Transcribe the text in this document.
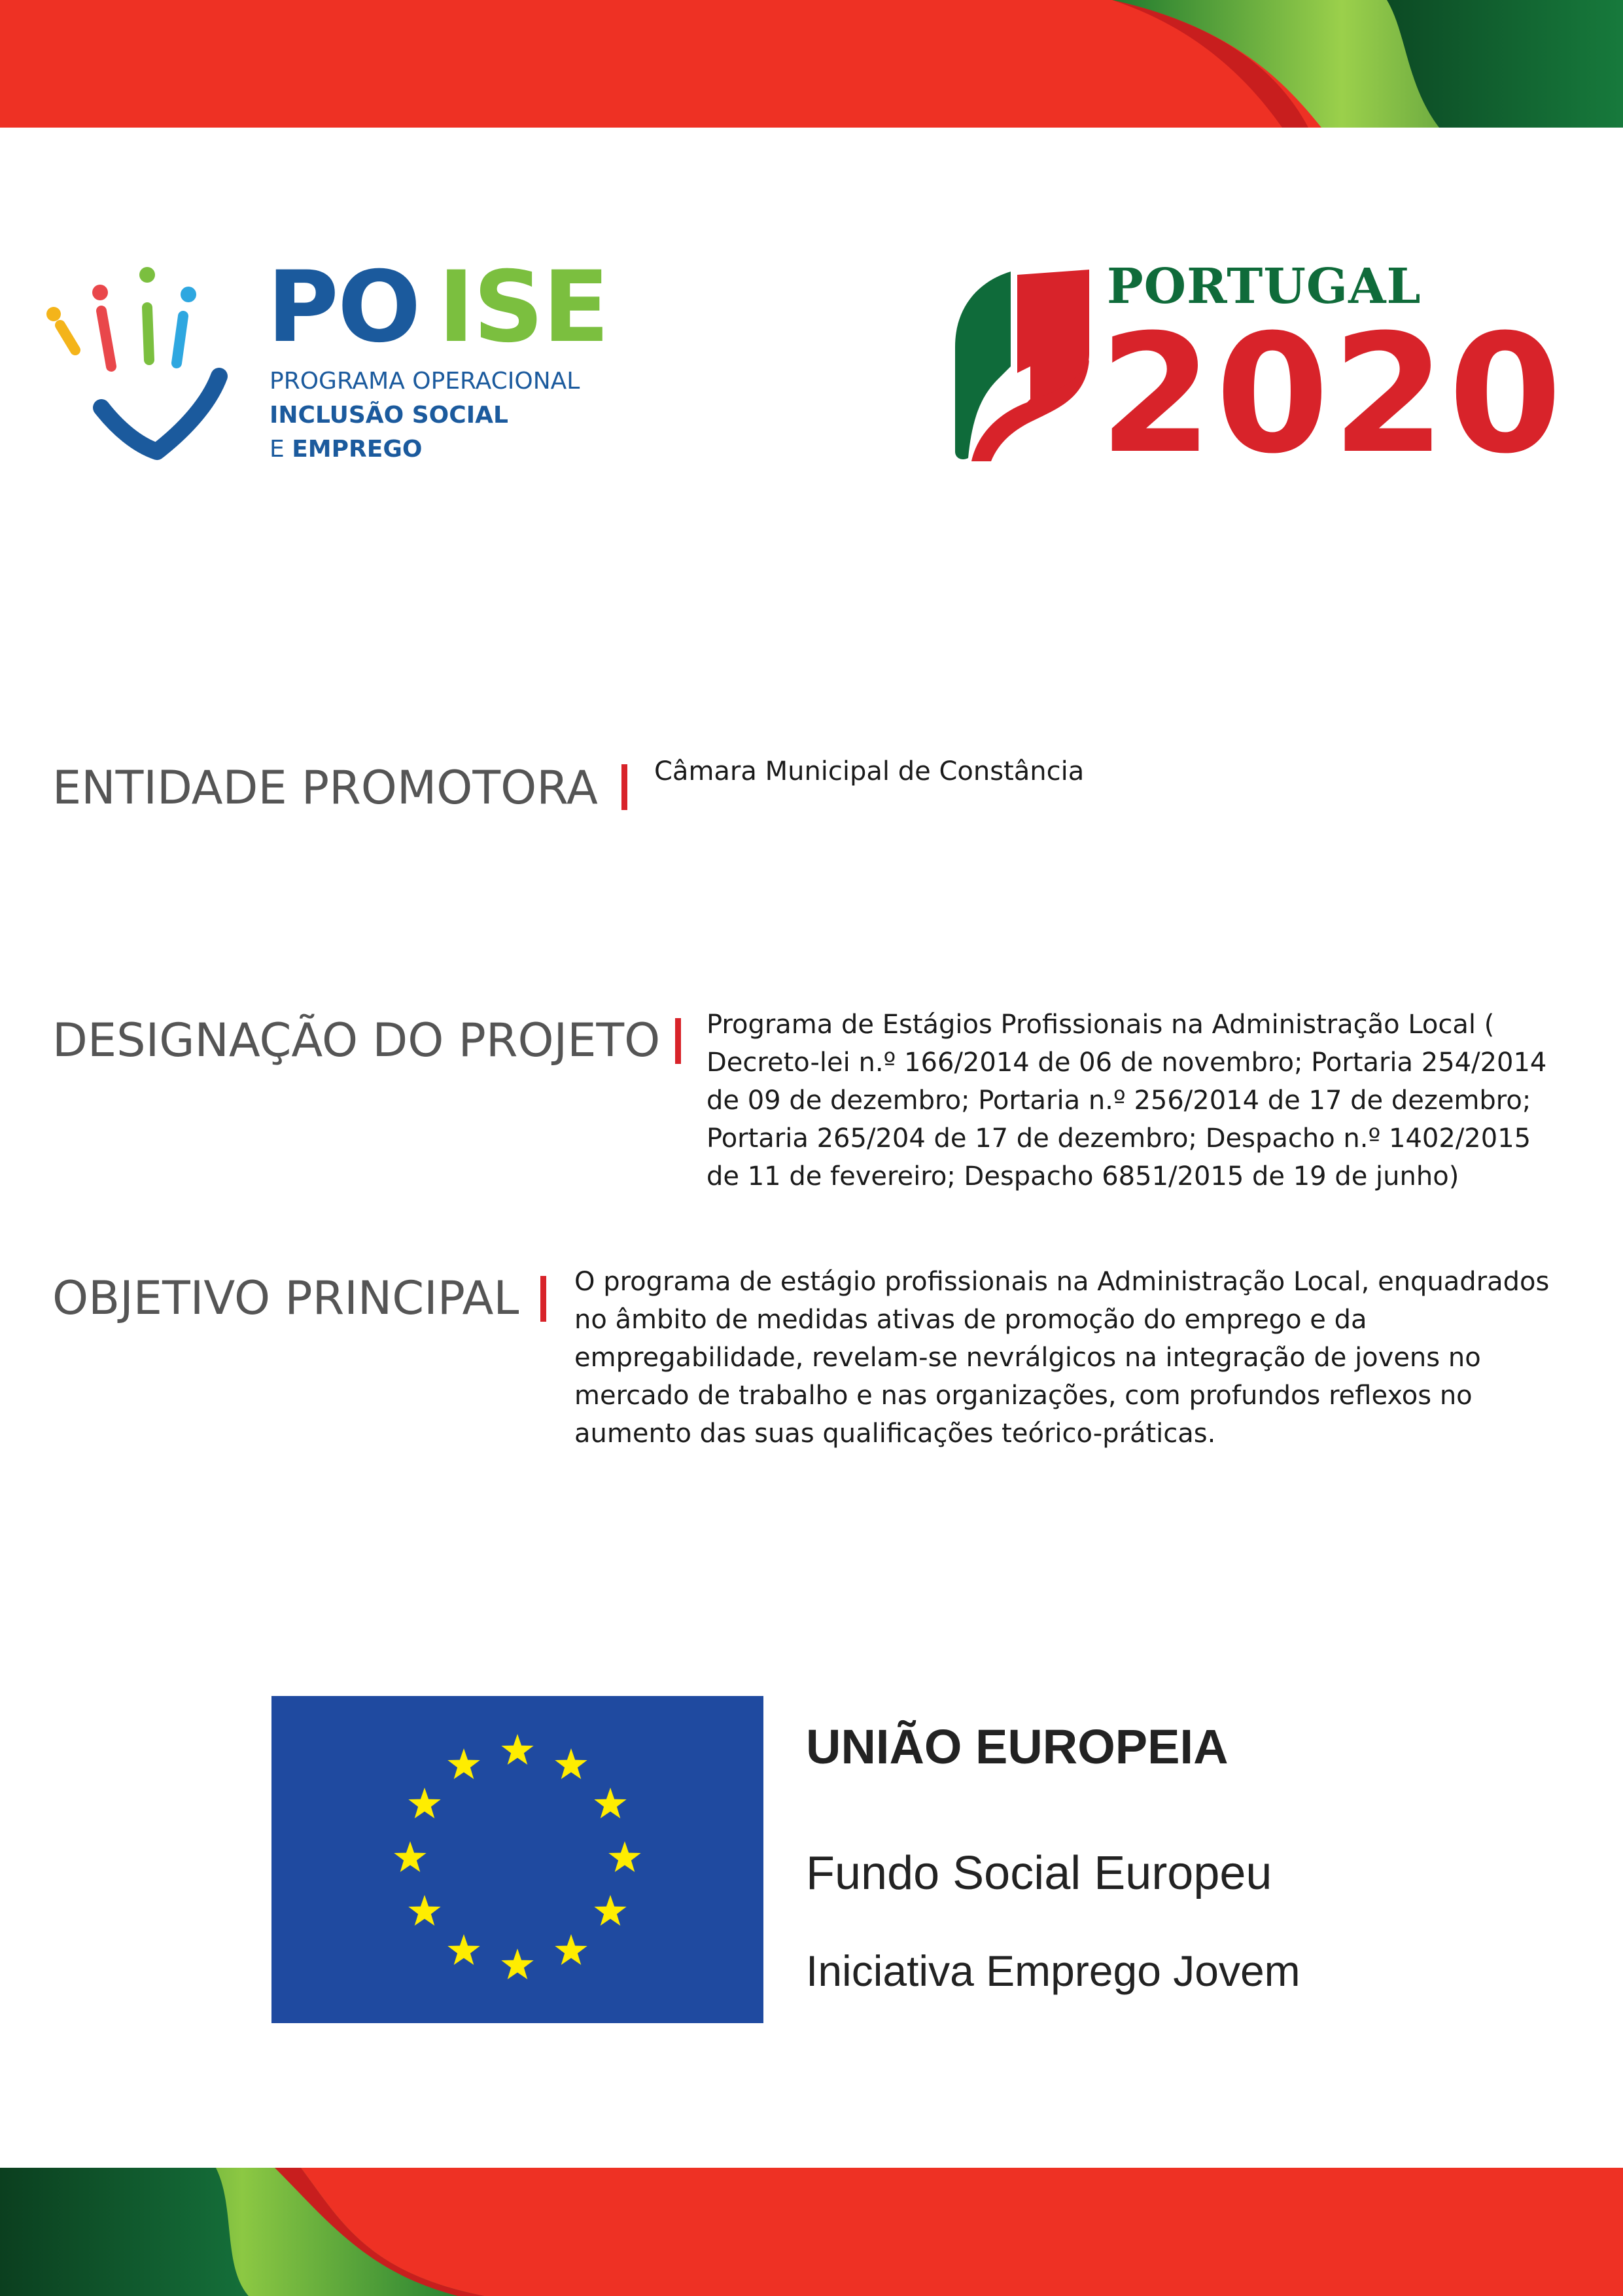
PO ISE
PROGRAMA OPERACIONAL
INCLUSÃO SOCIAL
E EMPREGO
PORTUGAL
2020
ENTIDADE PROMOTORA Câmara Municipal de Constância
DESIGNAÇÃO DO PROJETO Programa de Estágios Profissionais na Administração Local ( Decreto-lei n.º 166/2014 de 06 de novembro; Portaria 254/2014 de 09 de dezembro; Portaria n.º 256/2014 de 17 de dezembro; Portaria 265/204 de 17 de dezembro; Despacho n.º 1402/2015 de 11 de fevereiro; Despacho 6851/2015 de 19 de junho)
OBJETIVO PRINCIPAL O programa de estágio profissionais na Administração Local, enquadrados no âmbito de medidas ativas de promoção do emprego e da empregabilidade, revelam-se nevrálgicos na integração de jovens no mercado de trabalho e nas organizações, com profundos reflexos no aumento das suas qualificações teórico-práticas.
UNIÃO EUROPEIA
Fundo Social Europeu
Iniciativa Emprego Jovem
